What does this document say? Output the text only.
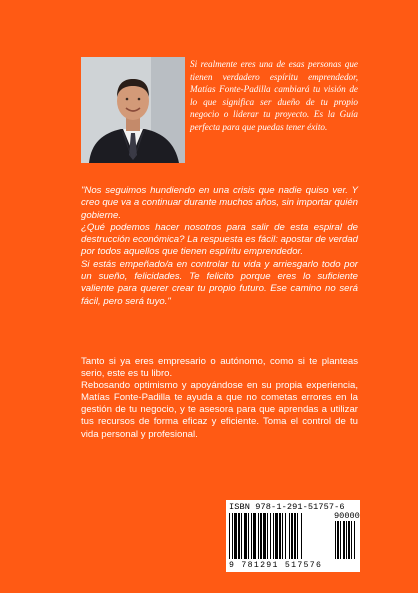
Si realmente eres una de esas personas que tienen verdadero espíritu emprendedor, Matías Fonte-Padilla cambiará tu visión de lo que significa ser dueño de tu propio negocio o liderar tu proyecto. Es la Guía perfecta para que puedas tener éxito.

"Nos seguimos hundiendo en una crisis que nadie quiso ver. Y creo que va a continuar durante muchos años, sin importar quién gobierne.

¿Qué podemos hacer nosotros para salir de esta espiral de destrucción económica? La respuesta es fácil: apostar de verdad por todos aquellos que tienen espíritu emprendedor.

Si estás empeñado/a en controlar tu vida y arriesgarlo todo por un sueño, felicidades. Te felicito porque eres lo suficiente valiente para querer crear tu propio futuro. Ese camino no será fácil, pero será tuyo."

Tanto si ya eres empresario o autónomo, como si te planteas serio, este es tu libro.

Rebosando optimismo y apoyándose en su propia experiencia, Matías Fonte-Padilla te ayuda a que no cometas errores en la gestión de tu negocio, y te asesora para que aprendas a utilizar tus recursos de forma eficaz y eficiente. Toma el control de tu vida personal y profesional.

ISBN 978-1-291-51757-6
90000
9 781291 517576
